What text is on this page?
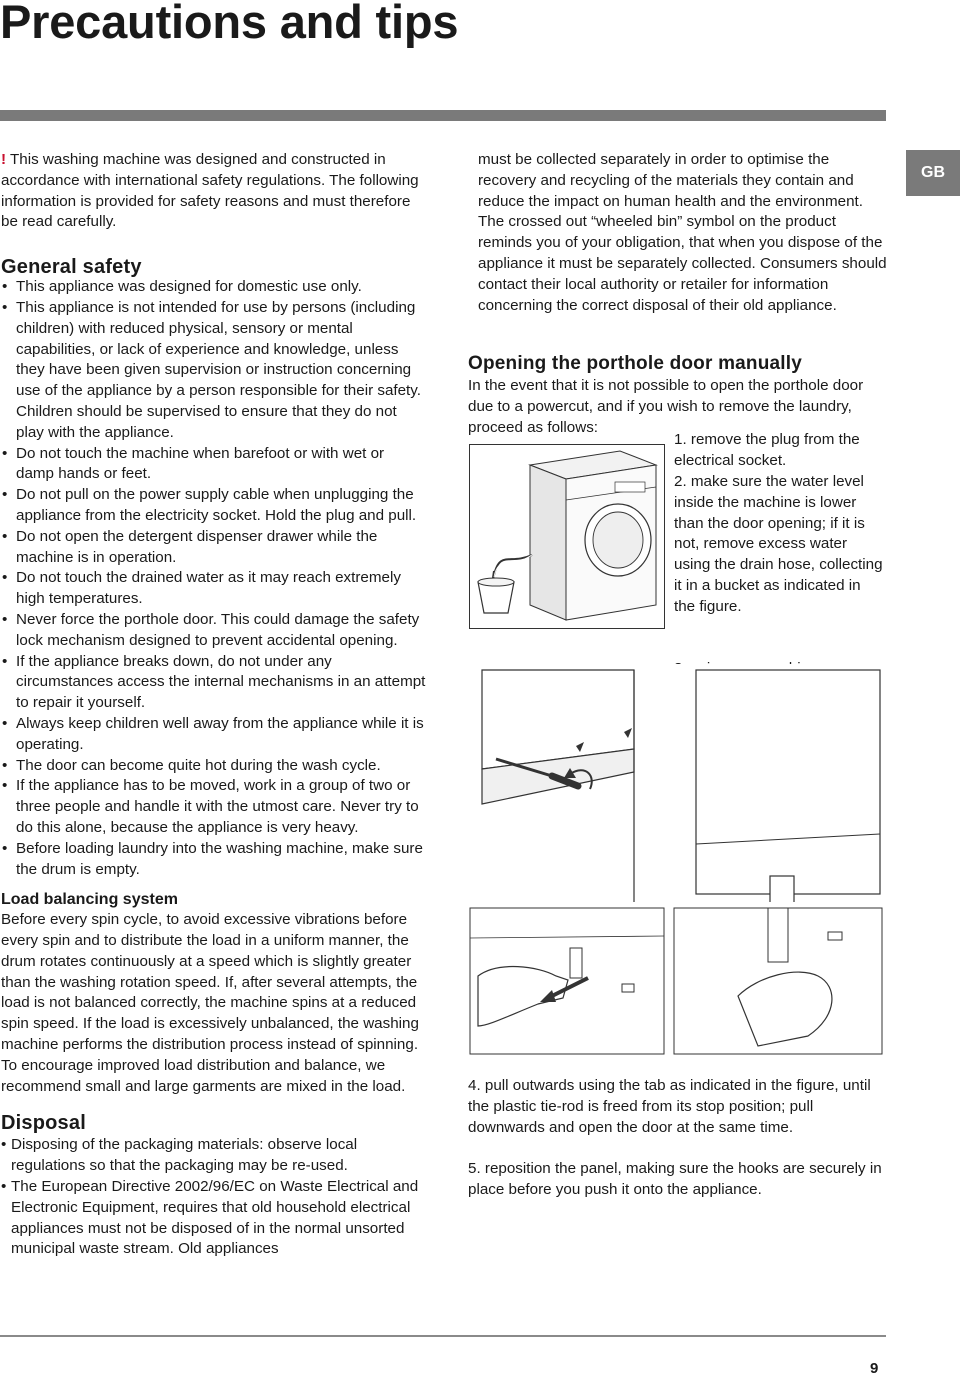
Precautions and tips
GB

! This washing machine was designed and constructed in accordance with international safety regulations. The following information is provided for safety reasons and must therefore be read carefully.

General safety
• This appliance was designed for domestic use only.
• This appliance is not intended for use by persons (including children) with reduced physical, sensory or mental capabilities, or lack of experience and knowledge, unless they have been given supervision or instruction concerning use of the appliance by a person responsible for their safety. Children should be supervised to ensure that they do not play with the appliance.
• Do not touch the machine when barefoot or with wet or damp hands or feet.
• Do not pull on the power supply cable when unplugging the appliance from the electricity socket. Hold the plug and pull.
• Do not open the detergent dispenser drawer while the machine is in operation.
• Do not touch the drained water as it may reach extremely high temperatures.
• Never force the porthole door. This could damage the safety lock mechanism designed to prevent accidental opening.
• If the appliance breaks down, do not under any circumstances access the internal mechanisms in an attempt to repair it yourself.
• Always keep children well away from the appliance while it is operating.
• The door can become quite hot during the wash cycle.
• If the appliance has to be moved, work in a group of two or three people and handle it with the utmost care. Never try to do this alone, because the appliance is very heavy.
• Before loading laundry into the washing machine, make sure the drum is empty.
Load balancing system

Before every spin cycle, to avoid excessive vibrations before every spin and to distribute the load in a uniform manner, the drum rotates continuously at a speed which is slightly greater than the washing rotation speed. If, after several attempts, the load is not balanced correctly, the machine spins at a reduced spin speed. If the load is excessively unbalanced, the washing machine performs the distribution process instead of spinning. To encourage improved load distribution and balance, we recommend small and large garments are mixed in the load.

Disposal
• Disposing of the packaging materials: observe local regulations so that the packaging may be re-used.
• The European Directive 2002/96/EC on Waste Electrical and Electronic Equipment, requires that old household electrical appliances must not be disposed of in the normal unsorted municipal waste stream. Old appliances

must be collected separately in order to optimise the recovery and recycling of the materials they contain and reduce the impact on human health and the environment. The crossed out “wheeled bin” symbol on the product reminds you of your obligation, that when you dispose of the appliance it must be separately collected. Consumers should contact their local authority or retailer for information concerning the correct disposal of their old appliance.

Opening the porthole door manually

In the event that it is not possible to open the porthole door due to a powercut, and if you wish to remove the laundry, proceed as follows:

1. remove the plug from the electrical socket.
2. make sure the water level inside the machine is lower than the door opening; if it is not, remove excess water using the drain hose, collecting it in a bucket as indicated in the figure.
4. pull outwards using the tab as indicated in the figure, until the plastic tie-rod is freed from its stop position; pull downwards and open the door at the same time.
5. reposition the panel, making sure the hooks are securely in place before you push it onto the appliance.
9
